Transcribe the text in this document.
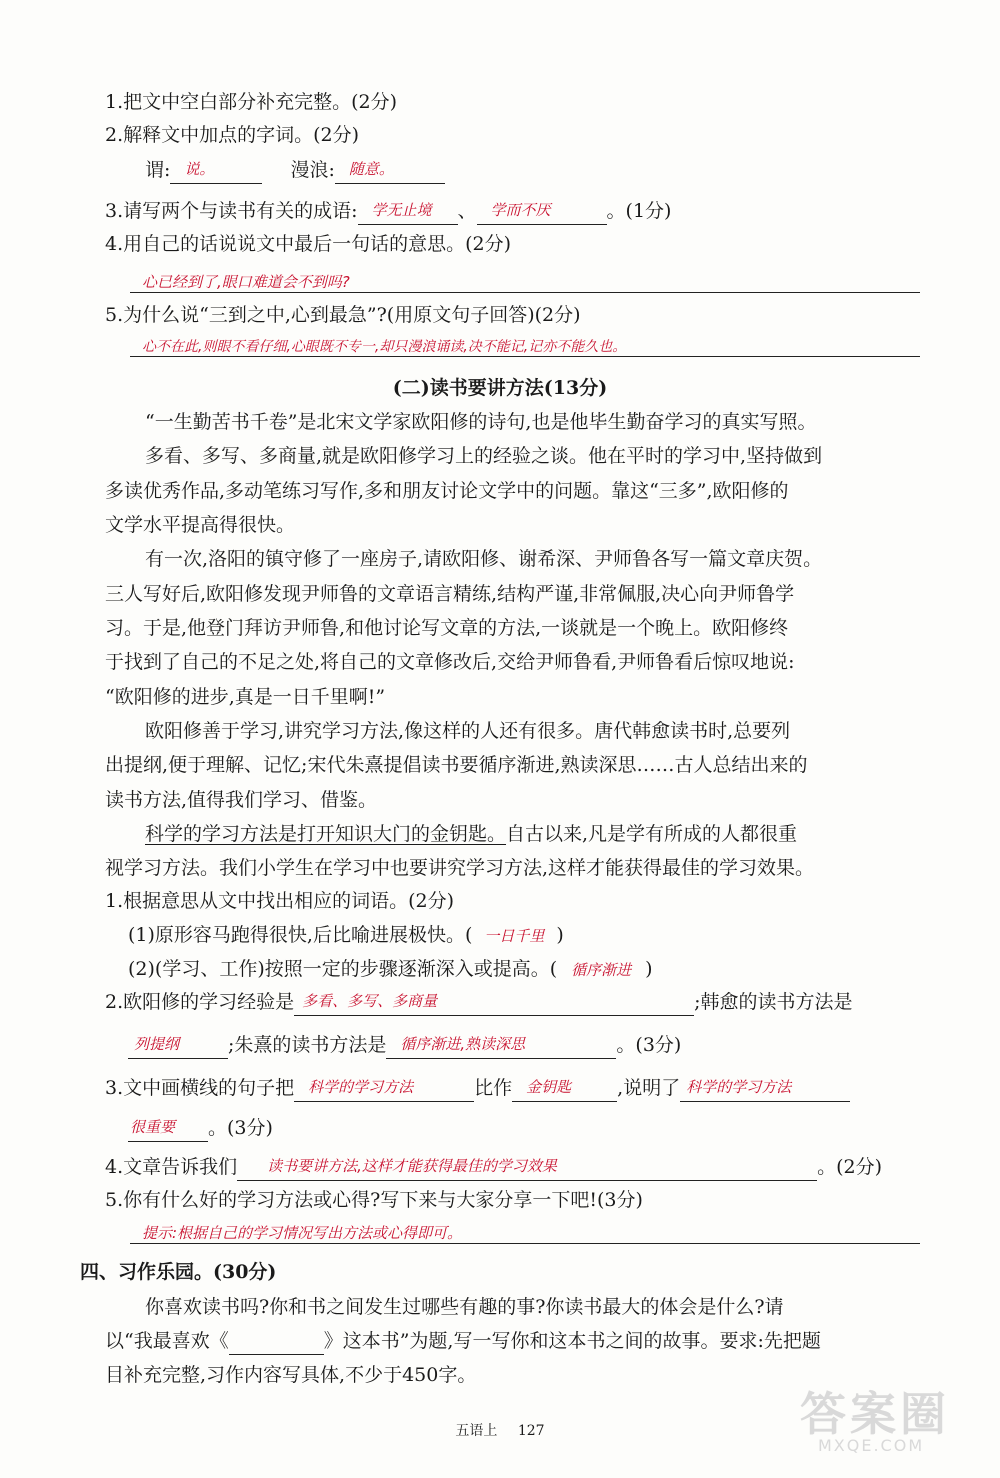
1.把文中空白部分补充完整。(2分)
2.解释文中加点的字词。(2分)
谓: 说。	漫浪: 随意。
3.请写两个与读书有关的成语: 学无止境 、 学而不厌	。(1分)
4.用自己的话说说文中最后一句话的意思。(2分)
心已经到了,眼口难道会不到吗?
5.为什么说“三到之中,心到最急”?(用原文句子回答)(2分)
心不在此,则眼不看仔细,心眼既不专一,却只漫浪诵读,决不能记,记亦不能久也。
(二)读书要讲方法(13分)
“一生勤苦书千卷”是北宋文学家欧阳修的诗句,也是他毕生勤奋学习的真实写照。
多看、多写、多商量,就是欧阳修学习上的经验之谈。他在平时的学习中,坚持做到
多读优秀作品,多动笔练习写作,多和朋友讨论文学中的问题。靠这“三多”,欧阳修的
文学水平提高得很快。
有一次,洛阳的镇守修了一座房子,请欧阳修、谢希深、尹师鲁各写一篇文章庆贺。
三人写好后,欧阳修发现尹师鲁的文章语言精练,结构严谨,非常佩服,决心向尹师鲁学
习。于是,他登门拜访尹师鲁,和他讨论写文章的方法,一谈就是一个晚上。欧阳修终
于找到了自己的不足之处,将自己的文章修改后,交给尹师鲁看,尹师鲁看后惊叹地说:
“欧阳修的进步,真是一日千里啊!”
欧阳修善于学习,讲究学习方法,像这样的人还有很多。唐代韩愈读书时,总要列
出提纲,便于理解、记忆;宋代朱熹提倡读书要循序渐进,熟读深思……古人总结出来的
读书方法,值得我们学习、借鉴。
科学的学习方法是打开知识大门的金钥匙。自古以来,凡是学有所成的人都很重
视学习方法。我们小学生在学习中也要讲究学习方法,这样才能获得最佳的学习效果。
1.根据意思从文中找出相应的词语。(2分)
(1)原形容马跑得很快,后比喻进展极快。( 一日千里 )
(2)(学习、工作)按照一定的步骤逐渐深入或提高。( 循序渐进 )
2.欧阳修的学习经验是 多看、多写、多商量	;韩愈的读书方法是
列提纲	;朱熹的读书方法是 循序渐进,熟读深思	。(3分)
3.文中画横线的句子把 科学的学习方法	比作 金钥匙 ,说明了 科学的学习方法
很重要 。(3分)
4.文章告诉我们 读书要讲方法,这样才能获得最佳的学习效果	。(2分)
5.你有什么好的学习方法或心得?写下来与大家分享一下吧!(3分)
提示:根据自己的学习情况写出方法或心得即可。
四、习作乐园。(30分)
你喜欢读书吗?你和书之间发生过哪些有趣的事?你读书最大的体会是什么?请
以“我最喜欢《	》这本书”为题,写一写你和这本书之间的故事。要求:先把题
目补充完整,习作内容写具体,不少于450字。
五语上 127	答案圈
MXQE.COM
